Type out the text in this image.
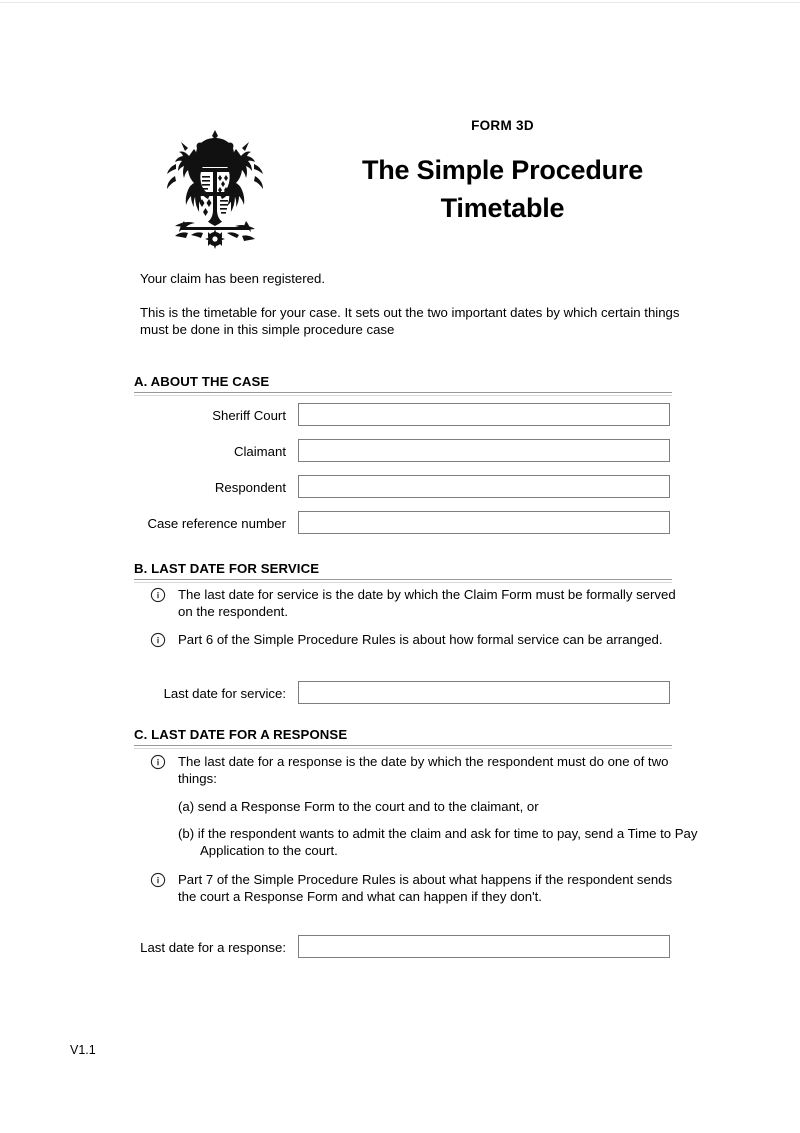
FORM 3D

The Simple Procedure
Timetable

Your claim has been registered.

This is the timetable for your case. It sets out the two important dates by which certain things must be done in this simple procedure case

A. ABOUT THE CASE
Sheriff Court
Claimant
Respondent
Case reference number
B. LAST DATE FOR SERVICE
The last date for service is the date by which the Claim Form must be formally served on the respondent.
Part 6 of the Simple Procedure Rules is about how formal service can be arranged.
Last date for service:
C. LAST DATE FOR A RESPONSE
The last date for a response is the date by which the respondent must do one of two things:
(a) send a Response Form to the court and to the claimant, or
(b) if the respondent wants to admit the claim and ask for time to pay, send a Time to Pay Application to the court.
Part 7 of the Simple Procedure Rules is about what happens if the respondent sends the court a Response Form and what can happen if they don't.
Last date for a response:
V1.1
